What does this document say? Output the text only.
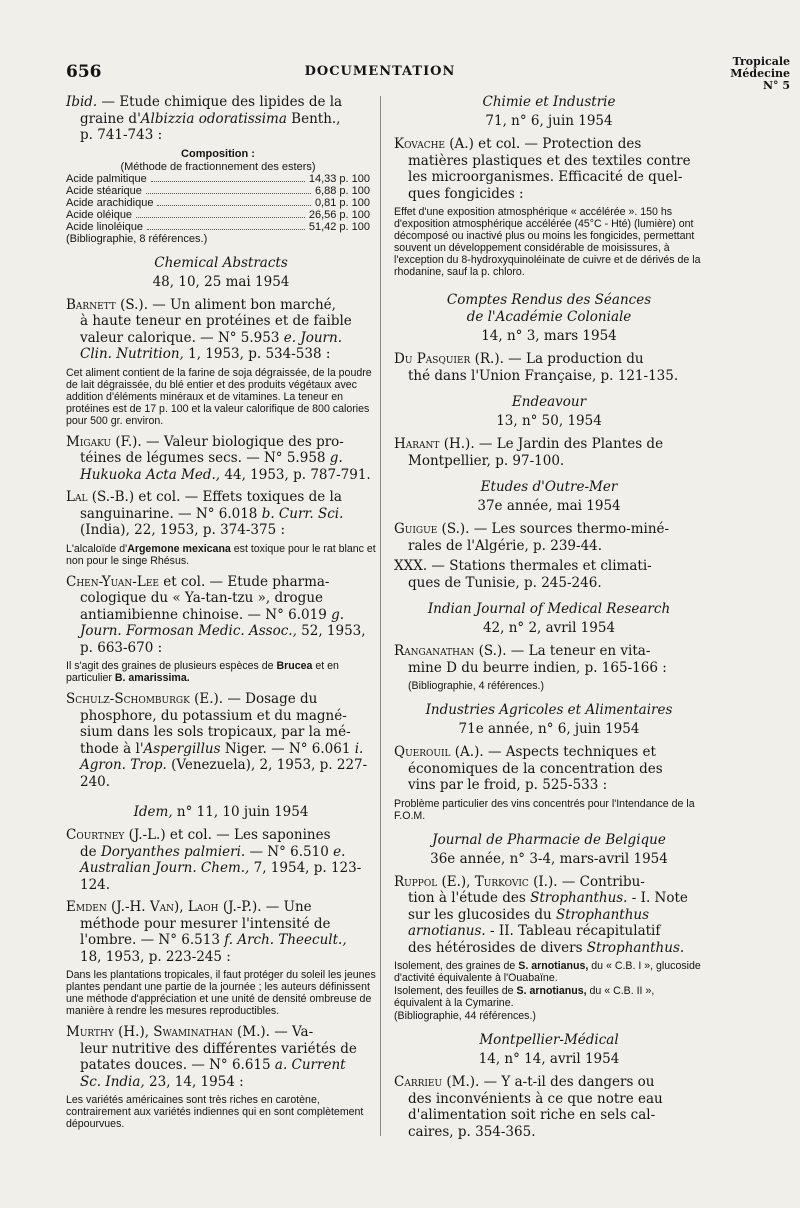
656	DOCUMENTATION
Tropicale
Médecine
N° 5
Ibid. — Etude chimique des lipides de la
graine d'Albizzia odoratissima Benth.,
p. 741-743 :
Composition :
(Méthode de fractionnement des esters)
Acide palmitique	14,33 p. 100
Acide stéarique	6,88 p. 100
Acide arachidique	0,81 p. 100
Acide oléique	26,56 p. 100
Acide linoléique	51,42 p. 100
(Bibliographie, 8 références.)
Chemical Abstracts
48, 10, 25 mai 1954
Barnett (S.). — Un aliment bon marché,
à haute teneur en protéines et de faible
valeur calorique. — N° 5.953 e. Journ.
Clin. Nutrition, 1, 1953, p. 534-538 :
Cet aliment contient de la farine de soja dégraissée, de la poudre de lait dégraissée, du blé entier et des produits végétaux avec addition d'éléments minéraux et de vitamines. La teneur en protéines est de 17 p. 100 et la valeur calorifique de 800 calories pour 500 gr. environ.
Migaku (F.). — Valeur biologique des pro-
téines de légumes secs. — N° 5.958 g.
Hukuoka Acta Med., 44, 1953, p. 787-791.
Lal (S.-B.) et col. — Effets toxiques de la
sanguinarine. — N° 6.018 b. Curr. Sci.
(India), 22, 1953, p. 374-375 :
L'alcaloïde d'Argemone mexicana est toxique pour le rat blanc et non pour le singe Rhésus.
Chen-Yuan-Lee et col. — Etude pharma-
cologique du « Ya-tan-tzu », drogue
antiamibienne chinoise. — N° 6.019 g.
Journ. Formosan Medic. Assoc., 52, 1953,
p. 663-670 :
Il s'agit des graines de plusieurs espèces de Brucea et en particulier B. amarissima.
Schulz-Schomburgk (E.). — Dosage du
phosphore, du potassium et du magné-
sium dans les sols tropicaux, par la mé-
thode à l'Aspergillus Niger. — N° 6.061 i.
Agron. Trop. (Venezuela), 2, 1953, p. 227-
240.
Idem, n° 11, 10 juin 1954
Courtney (J.-L.) et col. — Les saponines
de Doryanthes palmieri. — N° 6.510 e.
Australian Journ. Chem., 7, 1954, p. 123-
124.
Emden (J.-H. Van), Laoh (J.-P.). — Une
méthode pour mesurer l'intensité de
l'ombre. — N° 6.513 f. Arch. Theecult.,
18, 1953, p. 223-245 :
Dans les plantations tropicales, il faut protéger du soleil les jeunes plantes pendant une partie de la journée ; les auteurs définissent une méthode d'appréciation et une unité de densité ombreuse de manière à rendre les mesures reproductibles.
Murthy (H.), Swaminathan (M.). — Va-
leur nutritive des différentes variétés de
patates douces. — N° 6.615 a. Current
Sc. India, 23, 14, 1954 :
Les variétés américaines sont très riches en carotène, contrairement aux variétés indiennes qui en sont complètement dépourvues.
Chimie et Industrie
71, n° 6, juin 1954
Kovache (A.) et col. — Protection des
matières plastiques et des textiles contre
les microorganismes. Efficacité de quel-
ques fongicides :
Effet d'une exposition atmosphérique « accélérée ». 150 hs d'exposition atmosphérique accélérée (45°C - Hté) (lumière) ont décomposé ou inactivé plus ou moins les fongicides, permettant souvent un développement considérable de moisissures, à l'exception du 8-hydroxyquinoléinate de cuivre et de dérivés de la rhodanine, sauf la p. chloro.
Comptes Rendus des Séances
de l'Académie Coloniale
14, n° 3, mars 1954
Du Pasquier (R.). — La production du
thé dans l'Union Française, p. 121-135.
Endeavour
13, n° 50, 1954
Harant (H.). — Le Jardin des Plantes de
Montpellier, p. 97-100.
Etudes d'Outre-Mer
37e année, mai 1954
Guigue (S.). — Les sources thermo-miné-
rales de l'Algérie, p. 239-44.
XXX. — Stations thermales et climati-
ques de Tunisie, p. 245-246.
Indian Journal of Medical Research
42, n° 2, avril 1954
Ranganathan (S.). — La teneur en vita-
mine D du beurre indien, p. 165-166 :
(Bibliographie, 4 références.)
Industries Agricoles et Alimentaires
71e année, n° 6, juin 1954
Querouil (A.). — Aspects techniques et
économiques de la concentration des
vins par le froid, p. 525-533 :
Problème particulier des vins concentrés pour l'Intendance de la F.O.M.
Journal de Pharmacie de Belgique
36e année, n° 3-4, mars-avril 1954
Ruppol (E.), Turkovic (I.). — Contribu-
tion à l'étude des Strophanthus. - I. Note
sur les glucosides du Strophanthus
arnotianus. - II. Tableau récapitulatif
des hétérosides de divers Strophanthus.
Isolement, des graines de S. arnotianus, du « C.B. I », glucoside d'activité équivalente à l'Ouabaïne.
Isolement, des feuilles de S. arnotianus, du « C.B. II », équivalent à la Cymarine.
(Bibliographie, 44 références.)
Montpellier-Médical
14, n° 14, avril 1954
Carrieu (M.). — Y a-t-il des dangers ou
des inconvénients à ce que notre eau
d'alimentation soit riche en sels cal-
caires, p. 354-365.
